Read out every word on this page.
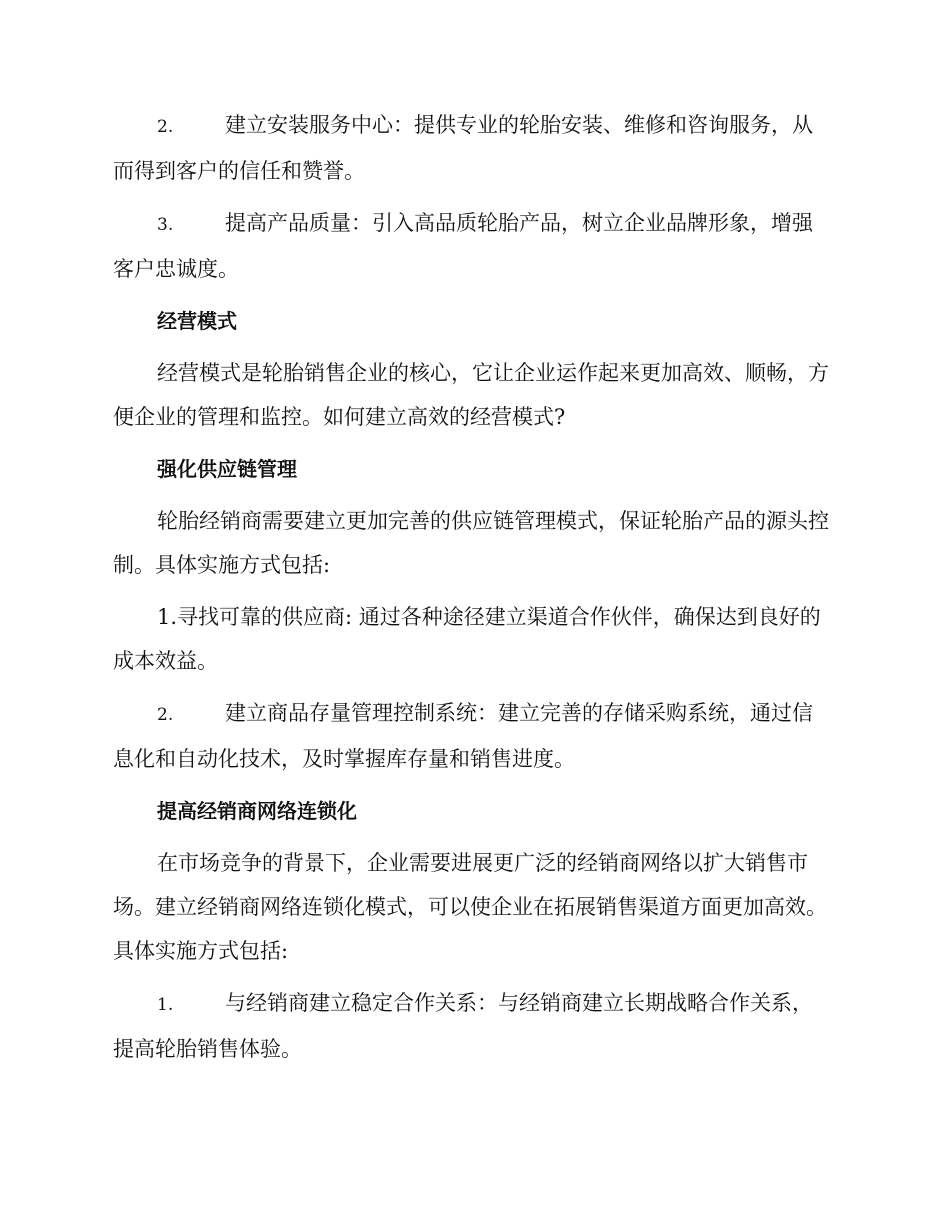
2. 建立安装服务中心：提供专业的轮胎安装、维修和咨询服务，从而得到客户的信任和赞誉。

3. 提高产品质量：引入高品质轮胎产品，树立企业品牌形象，增强客户忠诚度。

经营模式

经营模式是轮胎销售企业的核心，它让企业运作起来更加高效、顺畅，方便企业的管理和监控。如何建立高效的经营模式?

强化供应链管理

轮胎经销商需要建立更加完善的供应链管理模式，保证轮胎产品的源头控制。具体实施方式包括:

1.寻找可靠的供应商: 通过各种途径建立渠道合作伙伴，确保达到良好的成本效益。

2. 建立商品存量管理控制系统：建立完善的存储采购系统，通过信息化和自动化技术，及时掌握库存量和销售进度。

提高经销商网络连锁化

在市场竞争的背景下，企业需要进展更广泛的经销商网络以扩大销售市场。建立经销商网络连锁化模式，可以使企业在拓展销售渠道方面更加高效。具体实施方式包括:

1. 与经销商建立稳定合作关系：与经销商建立长期战略合作关系，提高轮胎销售体验。
